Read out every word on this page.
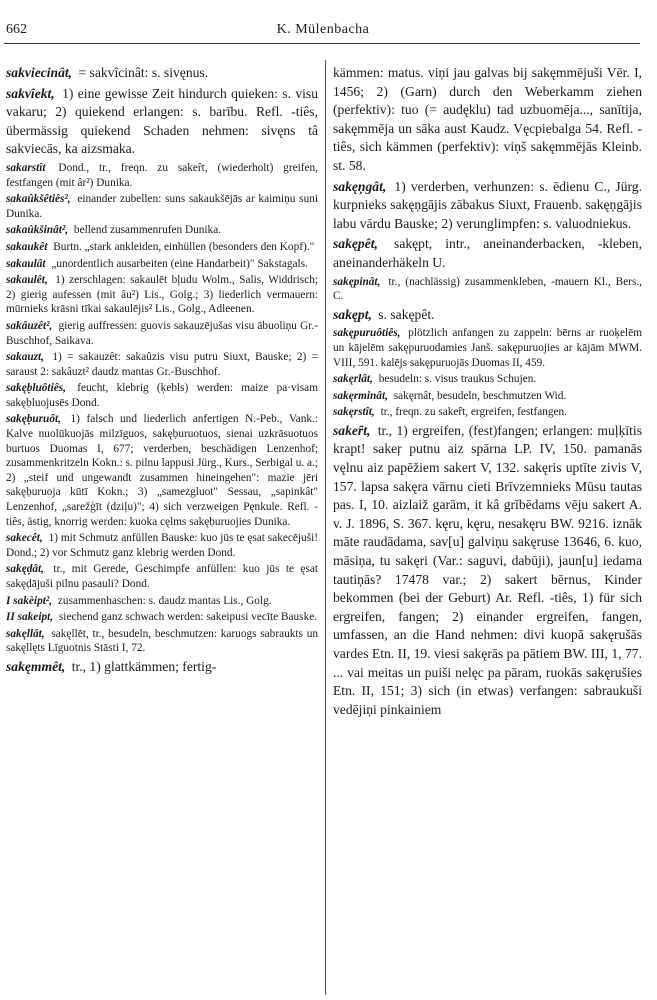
662	K. Mülenbacha

sakviecinât, = sakvîcinât: s. sivęnus.

sakvîekt, 1) eine gewisse Zeit hindurch quieken: s. visu vakaru; 2) quiekend erlangen: s. barību. Refl. -tiês, übermässig quiekend Schaden nehmen: sivęns tâ sakviecās, ka aizsmaka.

sakarstît Dond., tr., freqn. zu sakeȓt, (wiederholt) greifen, festfangen (mit âr²) Dunika.

sakaûkšêtiês², einander zubellen: suns sakaukšējās ar kaimiņu suni Dunika.

sakaûkšinât², bellend zusammenrufen Dunika.

sakaukêt Burtn. „stark ankleiden, einhüllen (besonders den Kopf)."

sakaulât „unordentlich ausarbeiten (eine Handarbeit)" Sakstagals.

sakaulêt, 1) zerschlagen: sakaulēt bļudu Wolm., Salis, Widdrisch; 2) gierig aufessen (mit âu²) Lis., Golg.; 3) liederlich vermauern: mūrnieks krāsni tīkai sakaulējis² Lis., Golg., Adleenen.

sakâuzêt², gierig auffressen: guovis sakauzējušas visu ābuoliņu Gr.-Buschhof, Saikava.

sakauzt, 1) = sakauzêt: sakaûzis visu putru Siuxt, Bauske; 2) = saraust 2: sakâuzt² daudz mantas Gr.-Buschhof.

sakęḅluôtiês, feucht, klebrig (ķebls) werden: maize pa·visam sakęḅluojusēs Dond.

sakęḅuruôt, 1) falsch und liederlich anfertigen N.-Peb., Vank.: Kalve nuolūkuojās milzīguos, sakęḅuruotuos, sienai uzkrāsuotuos burtuos Duomas I, 677; verderben, beschädigen Lenzenhof; zusammenkritzeln Kokn.: s. pilnu lappusi Jürg., Kurs., Serbigal u. a.; 2) „steif und ungewandt zusammen hineingehen": mazie jēri sakęḅuruoja kūtī Kokn.; 3) „samezgluot" Sessau, „sapinkât" Lenzenhof, „sarežģīt (dziļu)"; 4) sich verzweigen Pęnkule. Refl. -tiês, ästig, knorrig werden: kuoka cęlms sakęḅuruojies Dunika.

sakecêt, 1) mit Schmutz anfüllen Bauske: kuo jūs te ęsat sakecējuši! Dond.; 2) vor Schmutz ganz klebrig werden Dond.

sakęḍât, tr., mit Gerede, Geschimpfe anfüllen: kuo jūs te ęsat sakęḍājuši pilnu pasauli? Dond.

I sakèipt², zusammenhaschen: s. daudz mantas Lis., Golg.

II sakeipt, siechend ganz schwach werden: sakeipusi vecīte Bauske.

sakęllât, sakęllēt, tr., besudeln, beschmutzen: karuogs sabraukts un sakęllęts Līguotnis Stāsti I, 72.

sakęmmêt, tr., 1) glattkämmen; fertig-

kämmen: matus. viņi jau galvas bij sakęmmējuši Vēr. I, 1456; 2) (Garn) durch den Weberkamm ziehen (perfektiv): tuo (= audęklu) tad uzbuomēja..., sanītija, sakęmmēja un sāka aust Kaudz. Vęcpiebalga 54. Refl. -tiês, sich kämmen (perfektiv): viņš sakęmmējās Kleinb. st. 58.

sakęņgât, 1) verderben, verhunzen: s. ēdienu C., Jürg. kurpnieks sakęņgājis zābakus Siuxt, Frauenb. sakęņgājis labu vārdu Bauske; 2) verunglimpfen: s. valuodniekus.

sakępêt, sakępt, intr., aneinanderbacken, -kleben, aneinanderhäkeln U.

sakępinât, tr., (nachlässig) zusammenkleben, -mauern Kl., Bers., C.

sakępt, s. sakępêt.

sakępuruôtiês, plötzlich anfangen zu zappeln: bērns ar ruoķelēm un kājelēm sakępuruodamies Janš. sakępuruojies ar kājām MWM. VIII, 591. kalējs sakępuruojās Duomas II, 459.

sakęrlât, besudeln: s. visus traukus Schujen.

sakęrminât, sakęrnât, besudeln, beschmutzen Wid.

sakęrstît, tr., freqn. zu sakeȓt, ergreifen, festfangen.

sakeȓt, tr., 1) ergreifen, (fest)fangen; erlangen: muļķītis krapt! sakeŗ putnu aiz spārna LP. IV, 150. pamanās vęlnu aiz papēžiem sakert V, 132. sakęris uptīte zivis V, 157. lapsa sakęra vārnu cieti Brīvzemnieks Mūsu tautas pas. I, 10. aizlaiž garām, it kâ grībēdams vēju sakert A. v. J. 1896, S. 367. kęru, kęru, nesakęru BW. 9216. iznāk māte raudādama, sav[u] galviņu sakęruse 13646, 6. kuo, māsiņa, tu sakęri (Var.: saguvi, dabūji), jaun[u] iedama tautiņās? 17478 var.; 2) sakert bērnus, Kinder bekommen (bei der Geburt) Ar. Refl. -tiês, 1) für sich ergreifen, fangen; 2) einander ergreifen, fangen, umfassen, an die Hand nehmen: divi kuopā sakęrušās vardes Etn. II, 19. viesi sakęrās pa pātiem BW. III, 1, 77. ... vai meitas un puiši nelęc pa pāram, ruokās sakęrušies Etn. II, 151; 3) sich (in etwas) verfangen: sabraukuši vedējiņi pinkainiem
